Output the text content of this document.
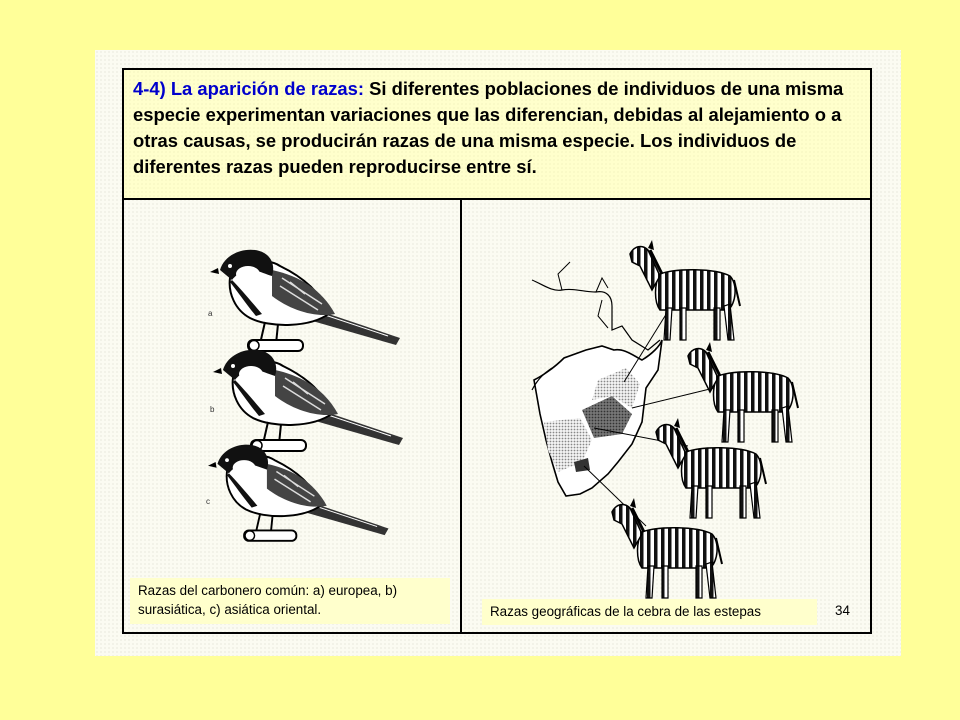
4-4) La aparición de razas: Si diferentes poblaciones de individuos de una misma especie experimentan variaciones que las diferencian, debidas al alejamiento o a otras causas, se producirán razas de una misma especie. Los individuos de diferentes razas pueden reproducirse entre sí.

a
b
c

Razas del carbonero común: a) europea, b) surasiática, c) asiática oriental.	Razas geográficas de la cebra de las estepas	34
